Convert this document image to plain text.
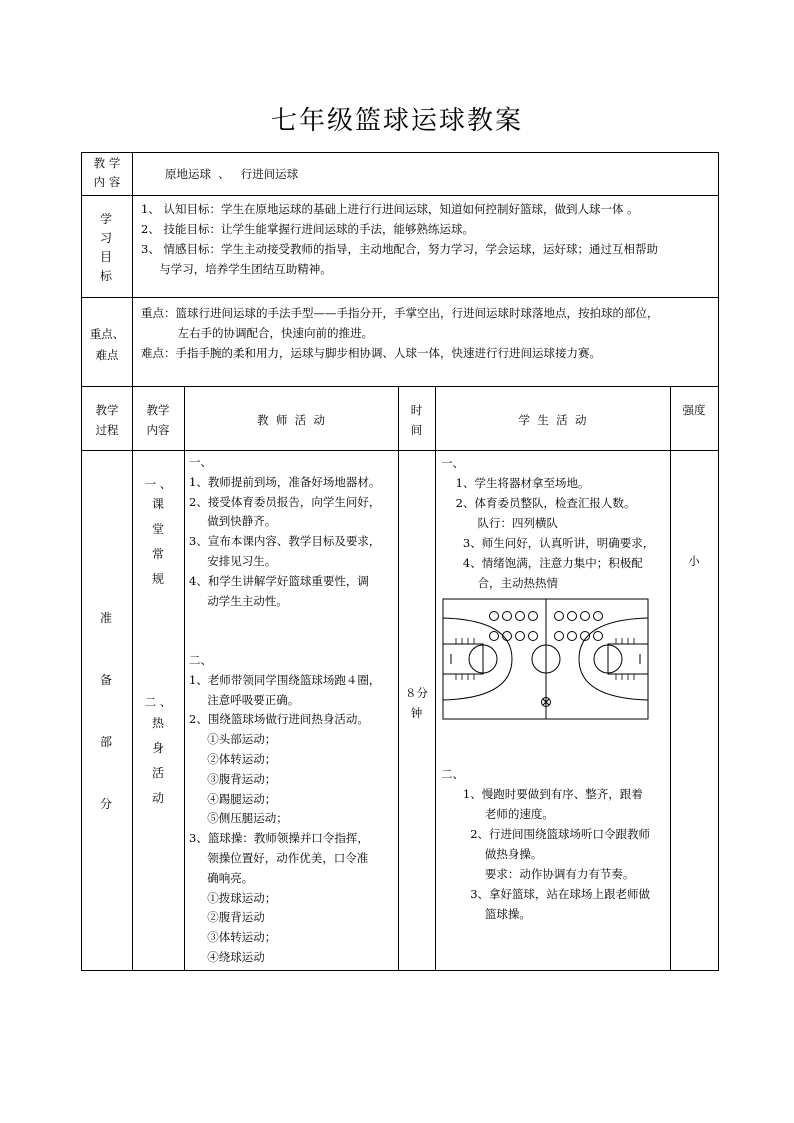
七年级篮球运球教案
教 学
内 容
原地运球  、   行进间运球
学
习
目
标
1、 认知目标：学生在原地运球的基础上进行行进间运球，知道如何控制好篮球，做到人球一体 。
2、 技能目标：让学生能掌握行进间运球的手法，能够熟练运球。
3、 情感目标：学生主动接受教师的指导，主动地配合，努力学习，学会运球，运好球；通过互相帮助
与学习，培养学生团结互助精神。
重点、
难点
重点：篮球行进间运球的手法手型——手指分开，手掌空出，行进间运球时球落地点，按拍球的部位，
左右手的协调配合，快速向前的推进。
难点：手指手腕的柔和用力，运球与脚步相协调、人球一体，快速进行行进间运球接力赛。
教学
过程
教学
内容
教  师  活  动
时
间
学  生  活  动
强度
准
备
部
分
一 、
课
堂
常
规
二 、
热
身
活
动
一、
1、教师提前到场，准备好场地器材。
2、接受体育委员报告，向学生问好，
做到快静齐。
3、宣布本课内容、教学目标及要求，
安排见习生。
4、和学生讲解学好篮球重要性，调
动学生主动性。

二、
1、老师带领同学围绕篮球场跑４圈，
注意呼吸要正确。
2、围绕篮球场做行进间热身活动。
①头部运动；
②体转运动；
③腹背运动；
④踢腿运动；
⑤侧压腿运动；
3、篮球操：教师领操并口令指挥，
领操位置好，动作优美，口令准
确响亮。
①拨球运动；
②腹背运动
③体转运动；
④绕球运动
８分
钟
一、
1、学生将器材拿至场地。
2、体育委员整队，检查汇报人数。
队行：四列横队
3、师生问好，认真听讲，明确要求，
4、情绪饱满，注意力集中；积极配
合，主动热热情
二、
1、慢跑时要做到有序、整齐，跟着
老师的速度。
2、行进间围绕篮球场听口令跟教师
做热身操。
要求：动作协调有力有节奏。
3、拿好篮球，站在球场上跟老师做
篮球操。
小
